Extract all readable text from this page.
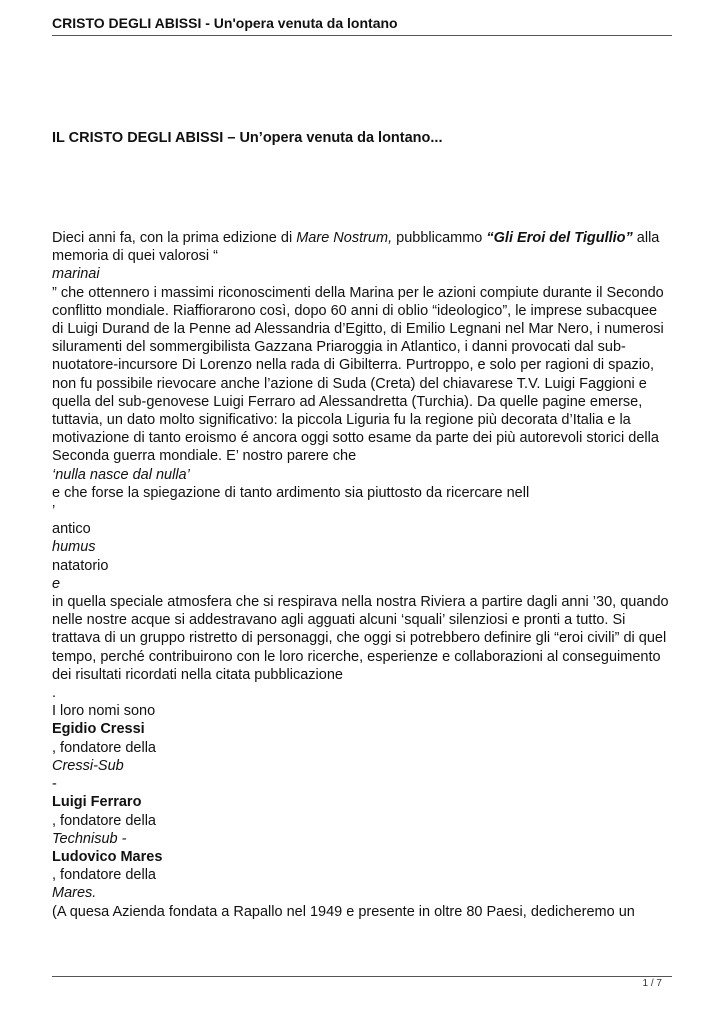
CRISTO DEGLI ABISSI - Un'opera venuta da lontano
IL CRISTO DEGLI ABISSI – Un’opera venuta da lontano...

Dieci anni fa, con la prima edizione di Mare Nostrum, pubblicammo “Gli Eroi del Tigullio” alla memoria di quei valorosi “

marinai

” che ottennero i massimi riconoscimenti della Marina per le azioni compiute durante il Secondo conflitto mondiale. Riaffiorarono così, dopo 60 anni di oblio “ideologico”, le imprese subacquee di Luigi Durand de la Penne ad Alessandria d’Egitto, di Emilio Legnani nel Mar Nero, i numerosi siluramenti del sommergibilista Gazzana Priaroggia in Atlantico, i danni provocati dal sub-nuotatore-incursore Di Lorenzo nella rada di Gibilterra. Purtroppo, e solo per ragioni di spazio, non fu possibile rievocare anche l’azione di Suda (Creta) del chiavarese T.V. Luigi Faggioni e quella del sub-genovese Luigi Ferraro ad Alessandretta (Turchia). Da quelle pagine emerse, tuttavia, un dato molto significativo: la piccola Liguria fu la regione più decorata d’Italia e la motivazione di tanto eroismo é ancora oggi sotto esame da parte dei più autorevoli storici della Seconda guerra mondiale. E’ nostro parere che

‘nulla nasce dal nulla’

e che forse la spiegazione di tanto ardimento sia piuttosto da ricercare nell

’

antico

humus

natatorio

e

in quella speciale atmosfera che si respirava nella nostra Riviera a partire dagli anni ’30, quando nelle nostre acque si addestravano agli agguati alcuni ‘squali’ silenziosi e pronti a tutto. Si trattava di un gruppo ristretto di personaggi, che oggi si potrebbero definire gli “eroi civili” di quel tempo, perché contribuirono con le loro ricerche, esperienze e collaborazioni al conseguimento dei risultati ricordati nella citata pubblicazione

.

I loro nomi sono

Egidio Cressi

, fondatore della

Cressi-Sub

-

Luigi Ferraro

, fondatore della

Technisub -

Ludovico Mares

, fondatore della

Mares.

(A quesa Azienda fondata a Rapallo nel 1949 e presente in oltre 80 Paesi, dedicheremo un

1 / 7
